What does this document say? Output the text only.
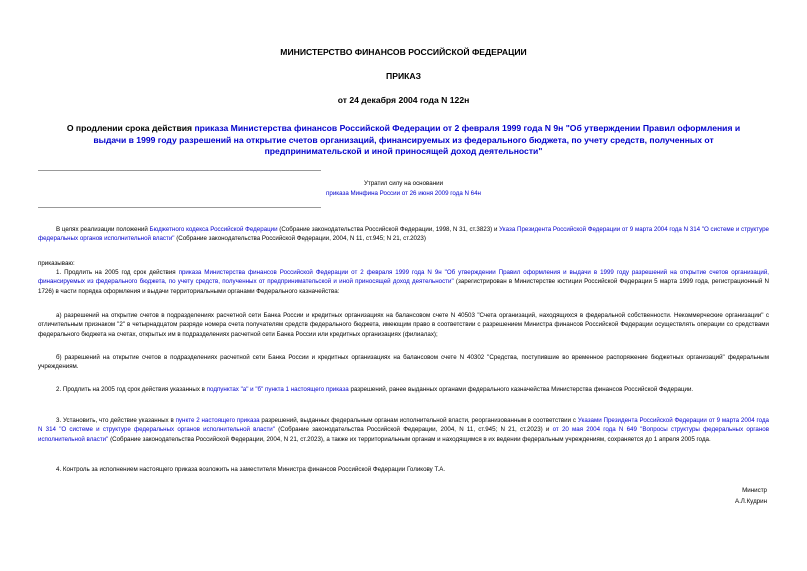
МИНИСТЕРСТВО ФИНАНСОВ РОССИЙСКОЙ ФЕДЕРАЦИИ
ПРИКАЗ
от 24 декабря 2004 года N 122н
О продлении срока действия приказа Министерства финансов Российской Федерации от 2 февраля 1999 года N 9н "Об утверждении Правил оформления и выдачи в 1999 году разрешений на открытие счетов организаций, финансируемых из федерального бюджета, по учету средств, полученных от предпринимательской и иной приносящей доход деятельности"
Утратил силу на основании
приказа Минфина России от 26 июня 2009 года N 64н

В целях реализации положений Бюджетного кодекса Российской Федерации (Собрание законодательства Российской Федерации, 1998, N 31, ст.3823) и Указа Президента Российской Федерации от 9 марта 2004 года N 314 "О системе и структуре федеральных органов исполнительной власти" (Собрание законодательства Российской Федерации, 2004, N 11, ст.945; N 21, ст.2023)

приказываю:

1. Продлить на 2005 год срок действия приказа Министерства финансов Российской Федерации от 2 февраля 1999 года N 9н "Об утверждении Правил оформления и выдачи в 1999 году разрешений на открытие счетов организаций, финансируемых из федерального бюджета, по учету средств, полученных от предпринимательской и иной приносящей доход деятельности" (зарегистрирован в Министерстве юстиции Российской Федерации 5 марта 1999 года, регистрационный N 1726) в части порядка оформления и выдачи территориальными органами Федерального казначейства:

а) разрешений на открытие счетов в подразделениях расчетной сети Банка России и кредитных организациях на балансовом счете N 40503 "Счета организаций, находящихся в федеральной собственности. Некоммерческие организации" с отличительным признаком "2" в четырнадцатом разряде номера счета получателям средств федерального бюджета, имеющим право в соответствии с разрешением Министра финансов Российской Федерации осуществлять операции со средствами федерального бюджета на счетах, открытых им в подразделениях расчетной сети Банка России или кредитных организациях (филиалах);

б) разрешений на открытие счетов в подразделениях расчетной сети Банка России и кредитных организациях на балансовом счете N 40302 "Средства, поступившие во временное распоряжение бюджетных организаций" федеральным учреждениям.

2. Продлить на 2005 год срок действия указанных в подпунктах "а" и "б" пункта 1 настоящего приказа разрешений, ранее выданных органами федерального казначейства Министерства финансов Российской Федерации.

3. Установить, что действие указанных в пункте 2 настоящего приказа разрешений, выданных федеральным органам исполнительной власти, реорганизованным в соответствии с Указами Президента Российской Федерации от 9 марта 2004 года N 314 "О системе и структуре федеральных органов исполнительной власти" (Собрание законодательства Российской Федерации, 2004, N 11, ст.945; N 21, ст.2023) и от 20 мая 2004 года N 649 "Вопросы структуры федеральных органов исполнительной власти" (Собрание законодательства Российской Федерации, 2004, N 21, ст.2023), а также их территориальным органам и находящимся в их ведении федеральным учреждениям, сохраняется до 1 апреля 2005 года.

4. Контроль за исполнением настоящего приказа возложить на заместителя Министра финансов Российской Федерации Голикову Т.А.

Министр
А.Л.Кудрин
